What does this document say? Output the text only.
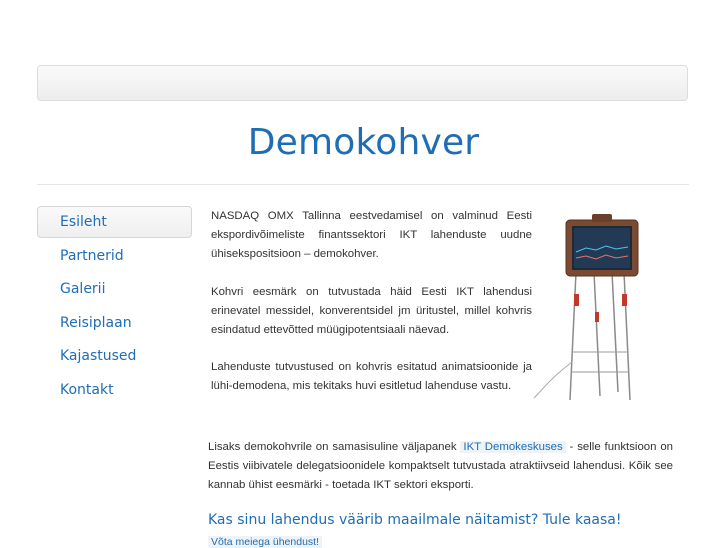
Demokohver
Esileht
Partnerid
Galerii
Reisiplaan
Kajastused
Kontakt

NASDAQ OMX Tallinna eestvedamisel on valminud Eesti ekspordivõimeliste finantssektori IKT lahenduste uudne ühisekspositsioon – demokohver.

Kohvri eesmärk on tutvustada häid Eesti IKT lahendusi erinevatel messidel, konverentsidel jm üritustel, millel kohvris esindatud ettevõtted müügipotentsiaali näevad.

Lahenduste tutvustused on kohvris esitatud animatsioonide ja lühi-demodena, mis tekitaks huvi esitletud lahenduse vastu.

Lisaks demokohvrile on samasisuline väljapanek IKT Demokeskuses - selle funktsioon on Eestis viibivatele delegatsioonidele kompaktselt tutvustada atraktiivseid lahendusi. Kõik see kannab ühist eesmärki - toetada IKT sektori eksporti.

Kas sinu lahendus väärib maailmale näitamist? Tule kaasa!

Võta meiega ühendust!
